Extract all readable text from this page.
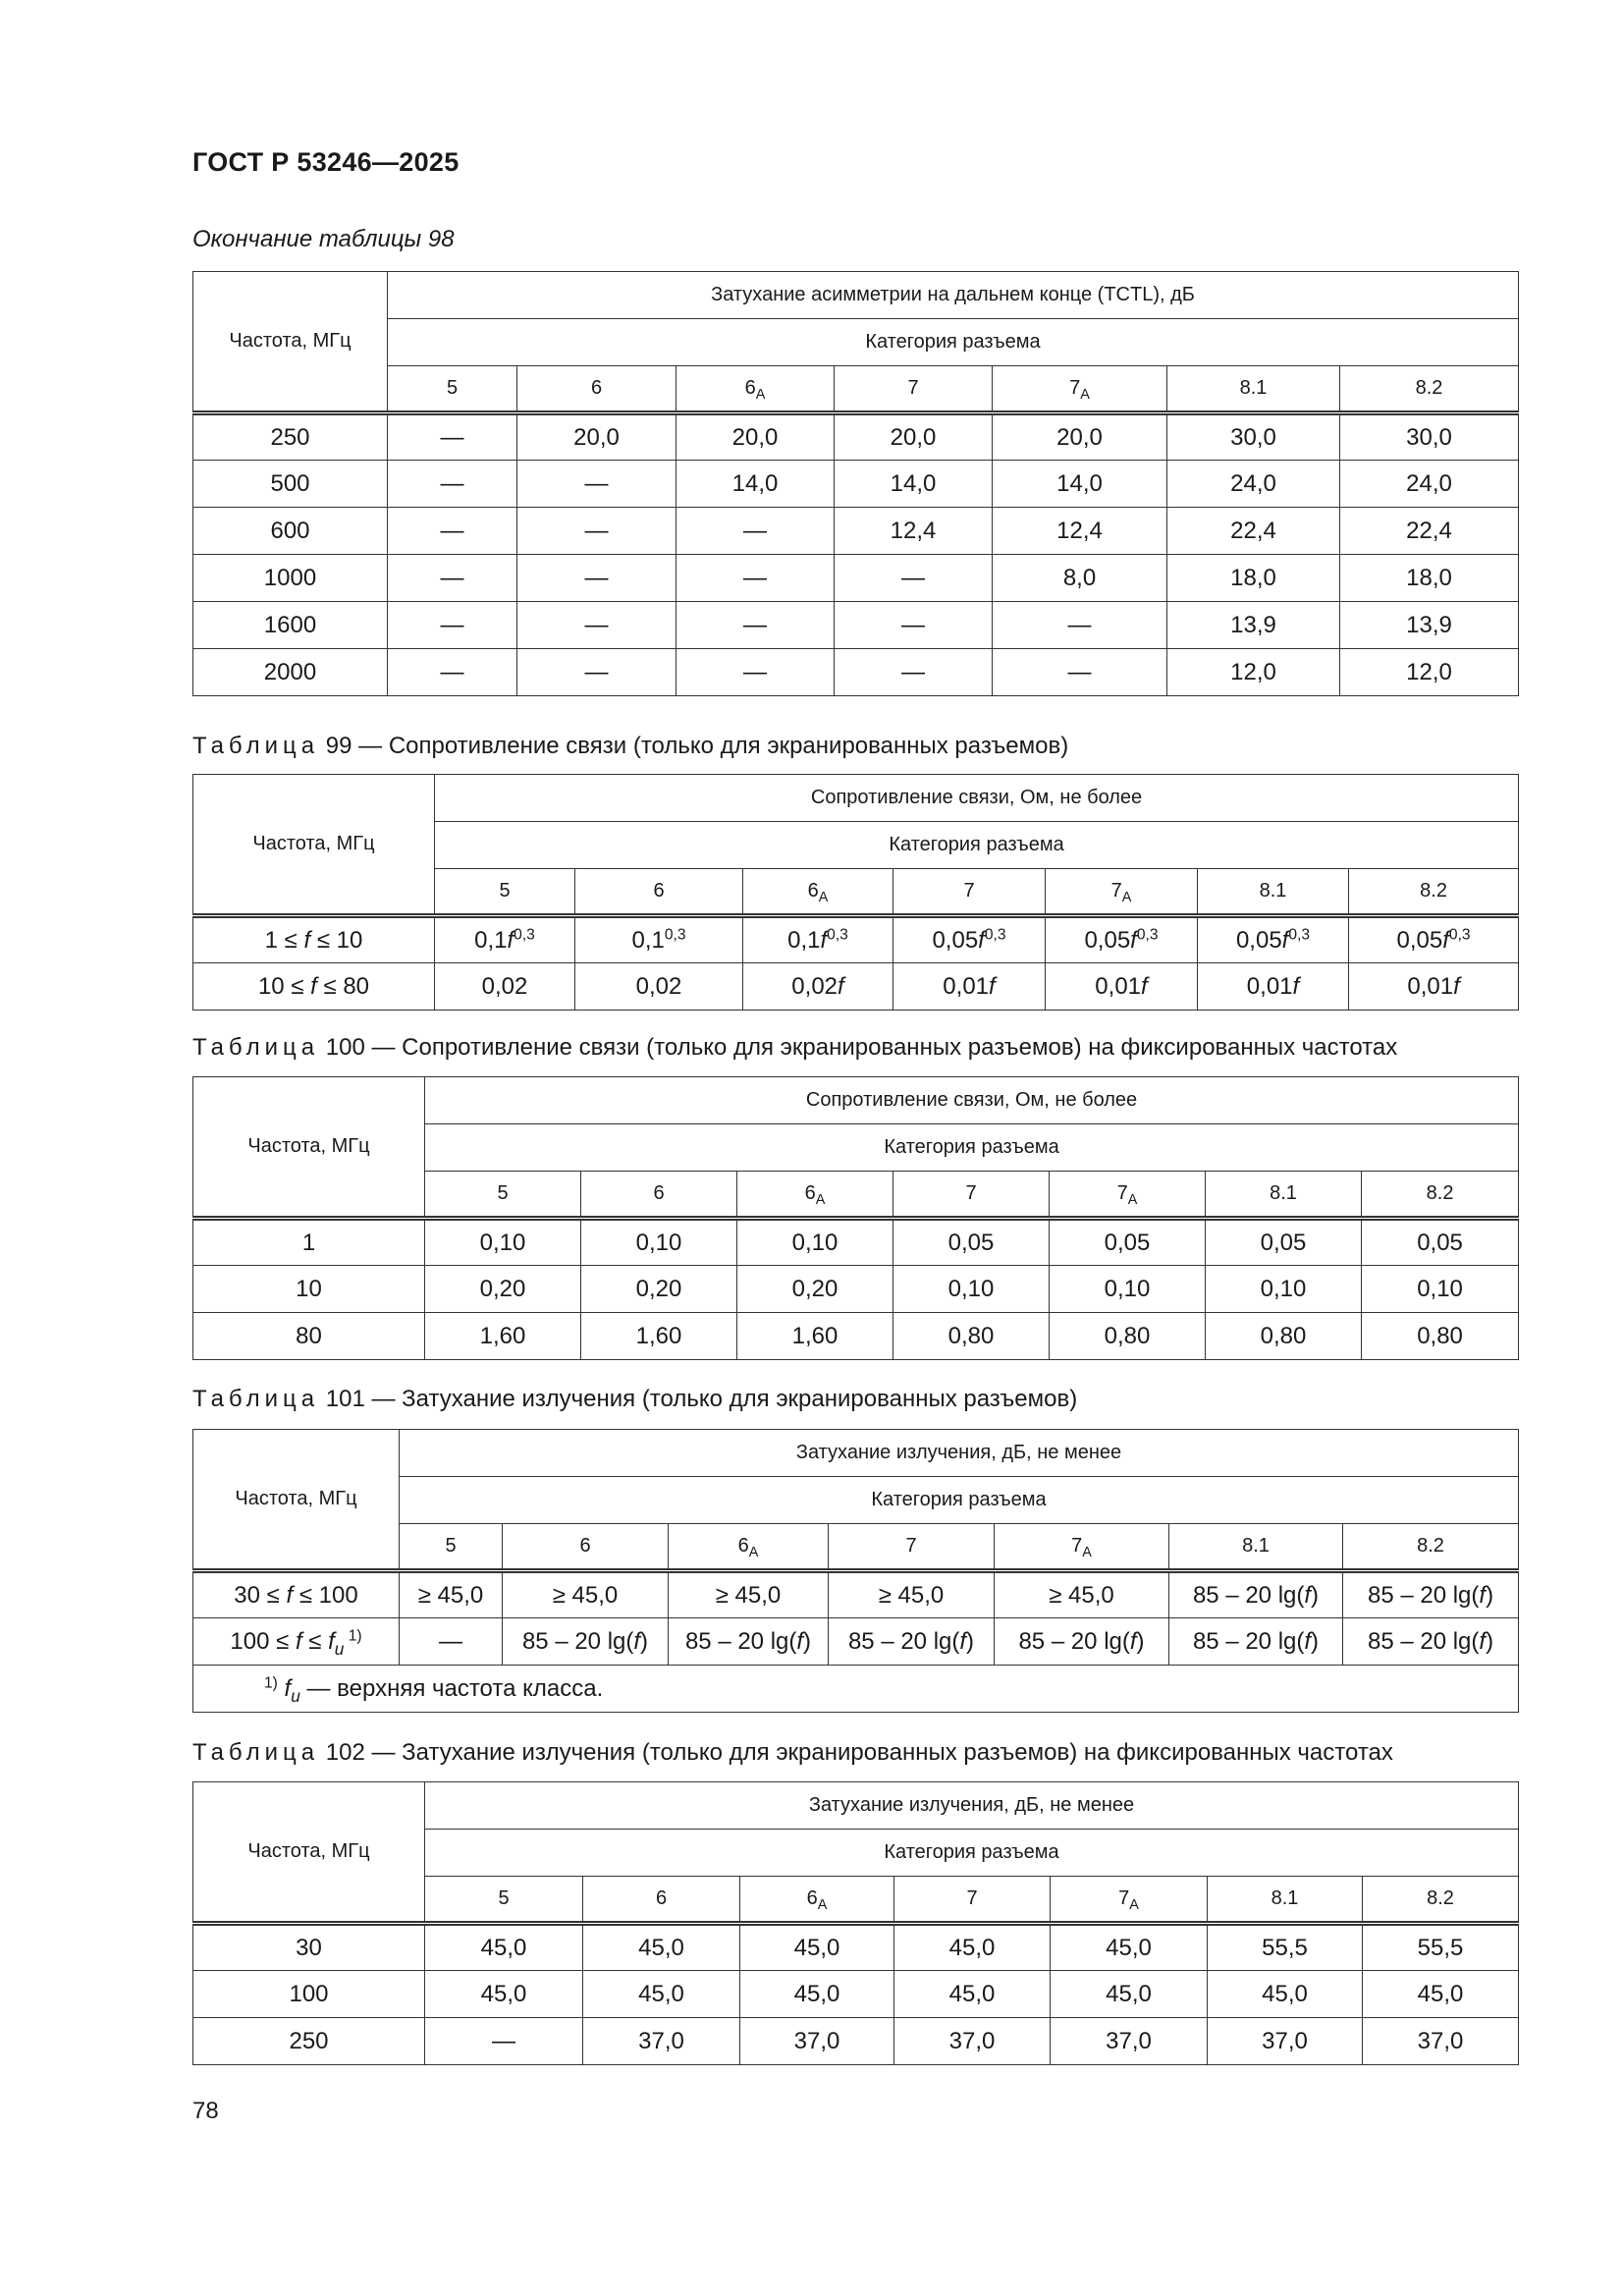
ГОСТ Р 53246—2025
Окончание таблицы 98
Частота, МГц	Затухание асимметрии на дальнем конце (TCTL), дБ						
	Категория разъема						
	5	6	$6_A$	7	$7_A$	8.1	8.2
250	—	20,0	20,0	20,0	20,0	30,0	30,0
500	—	—	14,0	14,0	14,0	24,0	24,0
600	—	—	—	12,4	12,4	22,4	22,4
1000	—	—	—	—	8,0	18,0	18,0
1600	—	—	—	—	—	13,9	13,9
2000	—	—	—	—	—	12,0	12,0
Таблица 99 — Сопротивление связи (только для экранированных разъемов)
Частота, МГц	Сопротивление связи, Ом, не более						
	Категория разъема						
	5	6	$6_A$	7	$7_A$	8.1	8.2
1 ≤ f ≤ 10	$0,1f^{0,3}$	0,1$^{0,3}$	$0,1f^{0,3}$	$0,05f^{0,3}$	$0,05f^{0,3}$	$0,05f^{0,3}$	$0,05f^{0,3}$
10 ≤ f ≤ 80	0,02	0,02	0,02f	0,01f	0,01f	0,01f	0,01f
Таблица 100 — Сопротивление связи (только для экранированных разъемов) на фиксированных частотах
Частота, МГц	Сопротивление связи, Ом, не более						
	Категория разъема						
	5	6	$6_A$	7	$7_A$	8.1	8.2
1	0,10	0,10	0,10	0,05	0,05	0,05	0,05
10	0,20	0,20	0,20	0,10	0,10	0,10	0,10
80	1,60	1,60	1,60	0,80	0,80	0,80	0,80
Таблица 101 — Затухание излучения (только для экранированных разъемов)
Частота, МГц	Затухание излучения, дБ, не менее						
	Категория разъема						
	5	6	$6_A$	7	$7_A$	8.1	8.2
30 ≤ f ≤ 100	≥ 45,0	≥ 45,0	≥ 45,0	≥ 45,0	≥ 45,0	85 – 20 lg(f)	85 – 20 lg(f)
$100 \le f \le f_u$ $^{1)}$	—	85 – 20 lg(f)	85 – 20 lg(f)	85 – 20 lg(f)	85 – 20 lg(f)	85 – 20 lg(f)	85 – 20 lg(f)
$^{1)}$ $f_u$ — верхняя частота класса.							
Таблица 102 — Затухание излучения (только для экранированных разъемов) на фиксированных частотах
Частота, МГц	Затухание излучения, дБ, не менее						
	Категория разъема						
	5	6	$6_A$	7	$7_A$	8.1	8.2
30	45,0	45,0	45,0	45,0	45,0	55,5	55,5
100	45,0	45,0	45,0	45,0	45,0	45,0	45,0
250	—	37,0	37,0	37,0	37,0	37,0	37,0
78
